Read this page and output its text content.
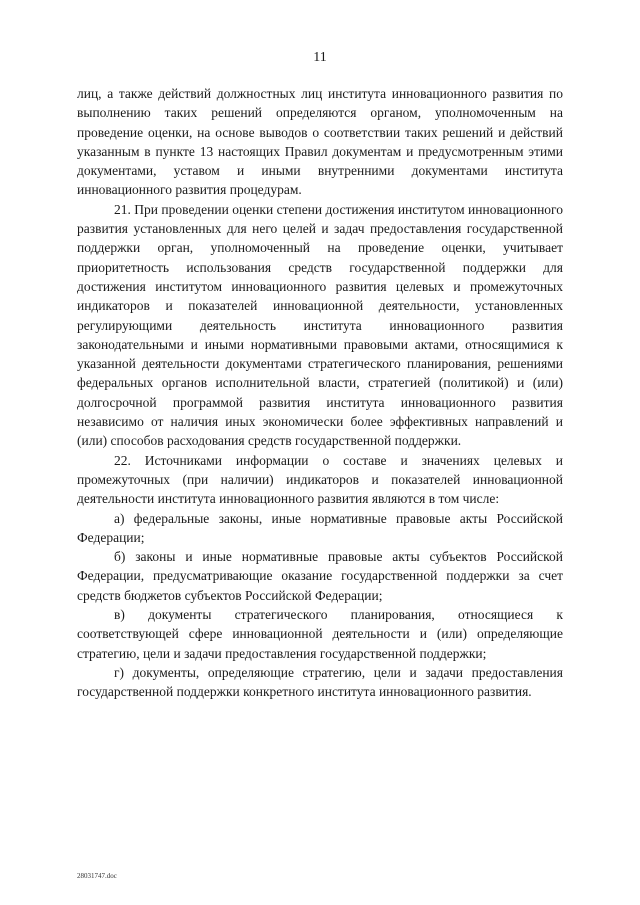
11

лиц, а также действий должностных лиц института инновационного развития по выполнению таких решений определяются органом, уполномоченным на проведение оценки, на основе выводов о соответствии таких решений и действий указанным в пункте 13 настоящих Правил документам и предусмотренным этими документами, уставом и иными внутренними документами института инновационного развития процедурам.

21. При проведении оценки степени достижения институтом инновационного развития установленных для него целей и задач предоставления государственной поддержки орган, уполномоченный на проведение оценки, учитывает приоритетность использования средств государственной поддержки для достижения институтом инновационного развития целевых и промежуточных индикаторов и показателей инновационной деятельности, установленных регулирующими деятельность института инновационного развития законодательными и иными нормативными правовыми актами, относящимися к указанной деятельности документами стратегического планирования, решениями федеральных органов исполнительной власти, стратегией (политикой) и (или) долгосрочной программой развития института инновационного развития независимо от наличия иных экономически более эффективных направлений и (или) способов расходования средств государственной поддержки.

22. Источниками информации о составе и значениях целевых и промежуточных (при наличии) индикаторов и показателей инновационной деятельности института инновационного развития являются в том числе:

а) федеральные законы, иные нормативные правовые акты Российской Федерации;

б) законы и иные нормативные правовые акты субъектов Российской Федерации, предусматривающие оказание государственной поддержки за счет средств бюджетов субъектов Российской Федерации;

в) документы стратегического планирования, относящиеся к соответствующей сфере инновационной деятельности и (или) определяющие стратегию, цели и задачи предоставления государственной поддержки;

г) документы, определяющие стратегию, цели и задачи предоставления государственной поддержки конкретного института инновационного развития.

28031747.doc
